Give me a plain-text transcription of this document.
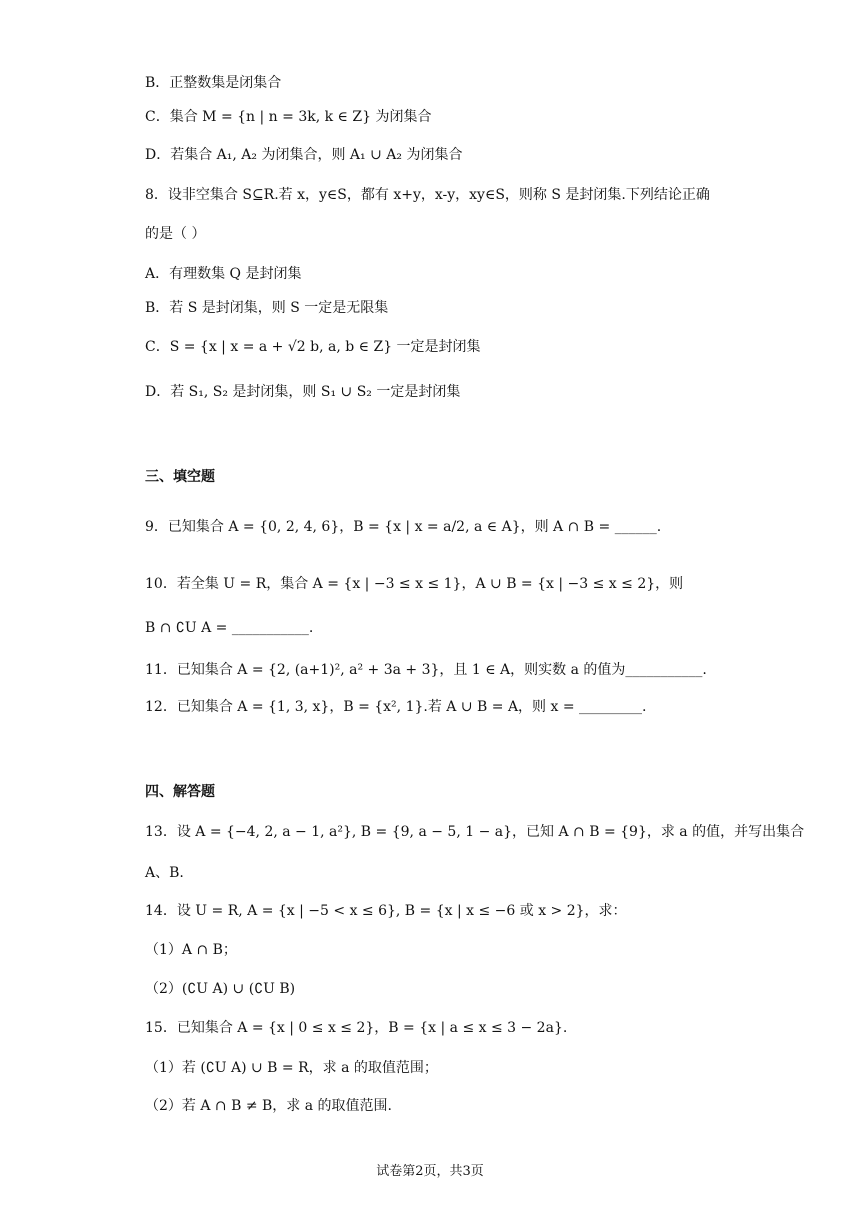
B．正整数集是闭集合
C．集合 M = {n | n = 3k, k ∈ Z} 为闭集合
D．若集合 A₁, A₂ 为闭集合，则 A₁ ∪ A₂ 为闭集合
8．设非空集合 S⊆R.若 x，y∈S，都有 x+y，x-y，xy∈S，则称 S 是封闭集.下列结论正确
的是（ ）
A．有理数集 Q 是封闭集
B．若 S 是封闭集，则 S 一定是无限集
C．S = {x | x = a + √2 b, a, b ∈ Z} 一定是封闭集
D．若 S₁, S₂ 是封闭集，则 S₁ ∪ S₂ 一定是封闭集
三、填空题
9．已知集合 A = {0, 2, 4, 6}，B = {x | x = a/2, a ∈ A}，则 A ∩ B = ______.
10．若全集 U = R，集合 A = {x | −3 ≤ x ≤ 1}，A ∪ B = {x | −3 ≤ x ≤ 2}，则
B ∩ ∁U A = ___________.
11．已知集合 A = {2, (a+1)², a² + 3a + 3}，且 1 ∈ A，则实数 a 的值为___________.
12．已知集合 A = {1, 3, x}，B = {x², 1}.若 A ∪ B = A，则 x = _________.
四、解答题
13．设 A = {−4, 2, a − 1, a²}, B = {9, a − 5, 1 − a}，已知 A ∩ B = {9}，求 a 的值，并写出集合
A、B.
14．设 U = R, A = {x | −5 < x ≤ 6}, B = {x | x ≤ −6 或 x > 2}，求：
（1）A ∩ B；
（2）(∁U A) ∪ (∁U B)
15．已知集合 A = {x | 0 ≤ x ≤ 2}，B = {x | a ≤ x ≤ 3 − 2a}.
（1）若 (∁U A) ∪ B = R，求 a 的取值范围；
（2）若 A ∩ B ≠ B，求 a 的取值范围.
试卷第2页，共3页
